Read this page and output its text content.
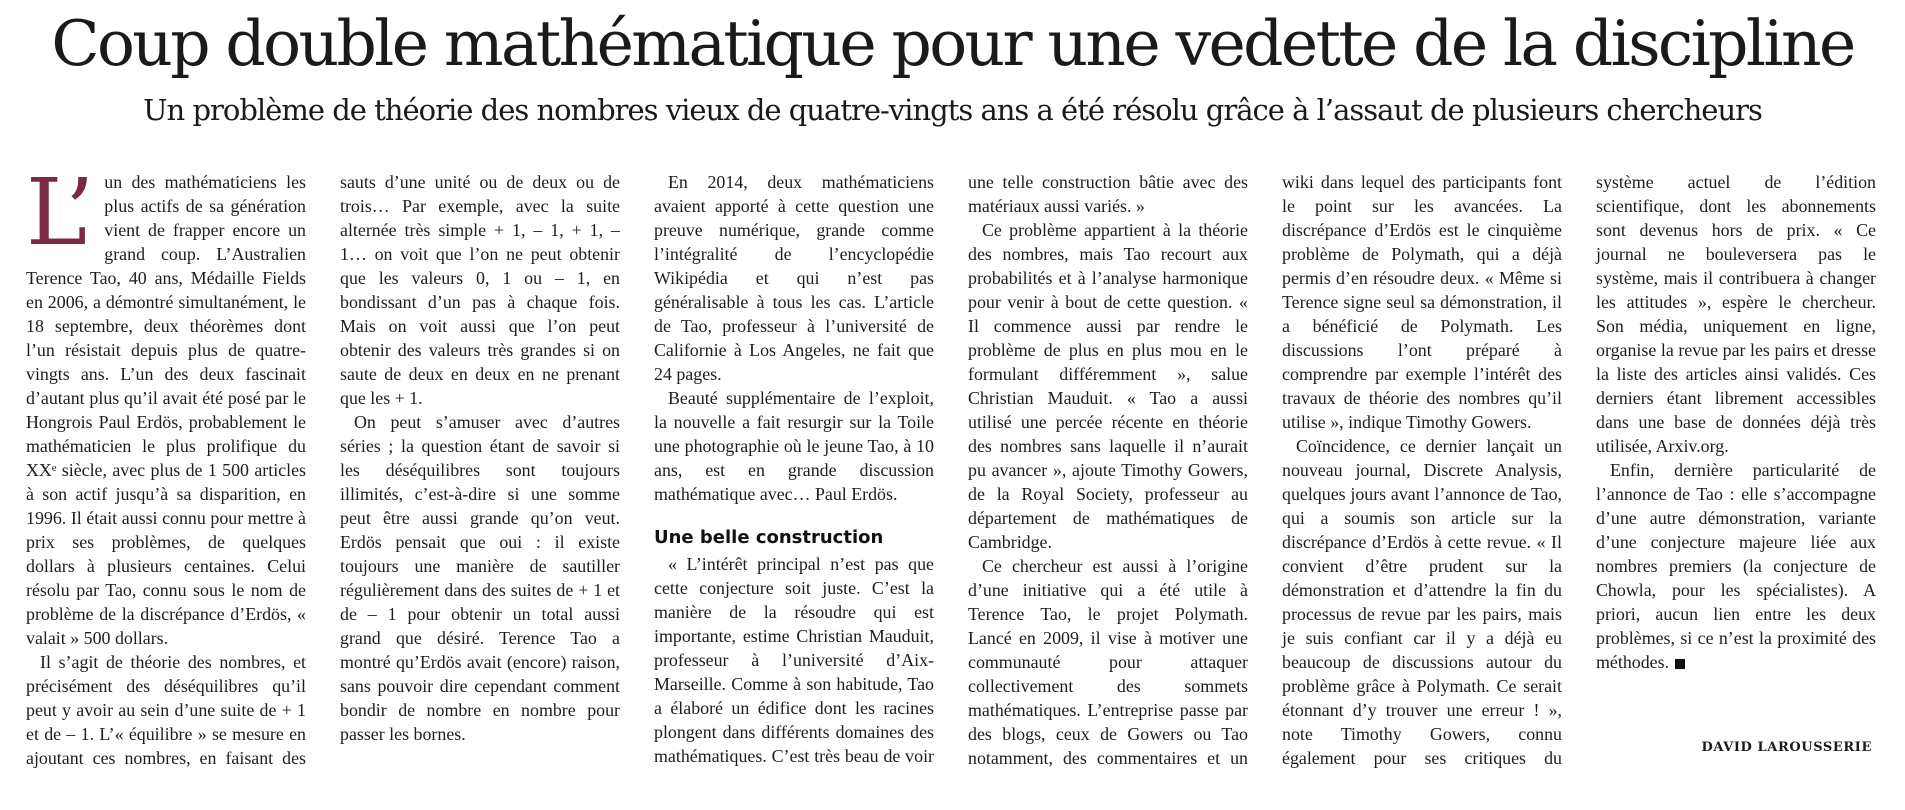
Coup double mathématique pour une vedette de la discipline
Un problème de théorie des nombres vieux de quatre-vingts ans a été résolu grâce à l’assaut de plusieurs chercheurs

L’ un des mathématiciens les plus actifs de sa génération vient de frapper encore un grand coup. L’Australien Terence Tao, 40 ans, Médaille Fields en 2006, a démontré simultanément, le 18 septembre, deux théorèmes dont l’un résistait depuis plus de quatre-vingts ans. L’un des deux fascinait d’autant plus qu’il avait été posé par le Hongrois Paul Erdös, probablement le mathématicien le plus prolifique du XXᵉ siècle, avec plus de 1 500 articles à son actif jusqu’à sa disparition, en 1996. Il était aussi connu pour mettre à prix ses problèmes, de quelques dollars à plusieurs centaines. Celui résolu par Tao, connu sous le nom de problème de la discrépance d’Erdös, « valait » 500 dollars.

Il s’agit de théorie des nombres, et précisément des déséquilibres qu’il peut y avoir au sein d’une suite de + 1 et de – 1. L’« équilibre » se mesure en ajoutant ces nombres, en faisant des sauts d’une unité ou de deux ou de trois… Par exemple, avec la suite alternée très simple + 1, – 1, + 1, – 1… on voit que l’on ne peut obtenir que les valeurs 0, 1 ou – 1, en bondissant d’un pas à chaque fois. Mais on voit aussi que l’on peut obtenir des valeurs très grandes si on saute de deux en deux en ne prenant que les + 1.

On peut s’amuser avec d’autres séries ; la question étant de savoir si les déséquilibres sont toujours illimités, c’est-à-dire si une somme peut être aussi grande qu’on veut. Erdös pensait que oui : il existe toujours une manière de sautiller régulièrement dans des suites de + 1 et de – 1 pour obtenir un total aussi grand que désiré. Terence Tao a montré qu’Erdös avait (encore) raison, sans pouvoir dire cependant comment bondir de nombre en nombre pour passer les bornes.

En 2014, deux mathématiciens avaient apporté à cette question une preuve numérique, grande comme l’intégralité de l’encyclopédie Wikipédia et qui n’est pas généralisable à tous les cas. L’article de Tao, professeur à l’université de Californie à Los Angeles, ne fait que 24 pages.

Beauté supplémentaire de l’exploit, la nouvelle a fait resurgir sur la Toile une photographie où le jeune Tao, à 10 ans, est en grande discussion mathématique avec… Paul Erdös.

Une belle construction

« L’intérêt principal n’est pas que cette conjecture soit juste. C’est la manière de la résoudre qui est importante, estime Christian Mauduit, professeur à l’université d’Aix-Marseille. Comme à son habitude, Tao a élaboré un édifice dont les racines plongent dans différents domaines des mathématiques. C’est très beau de voir une telle construction bâtie avec des matériaux aussi variés. »

Ce problème appartient à la théorie des nombres, mais Tao recourt aux probabilités et à l’analyse harmonique pour venir à bout de cette question. « Il commence aussi par rendre le problème de plus en plus mou en le formulant différemment », salue Christian Mauduit. « Tao a aussi utilisé une percée récente en théorie des nombres sans laquelle il n’aurait pu avancer », ajoute Timothy Gowers, de la Royal Society, professeur au département de mathématiques de Cambridge.

Ce chercheur est aussi à l’origine d’une initiative qui a été utile à Terence Tao, le projet Polymath. Lancé en 2009, il vise à motiver une communauté pour attaquer collectivement des sommets mathématiques. L’entreprise passe par des blogs, ceux de Gowers ou Tao notamment, des commentaires et un wiki dans lequel des participants font le point sur les avancées. La discrépance d’Erdös est le cinquième problème de Polymath, qui a déjà permis d’en résoudre deux. « Même si Terence signe seul sa démonstration, il a bénéficié de Polymath. Les discussions l’ont préparé à comprendre par exemple l’intérêt des travaux de théorie des nombres qu’il utilise », indique Timothy Gowers.

Coïncidence, ce dernier lançait un nouveau journal, Discrete Analysis, quelques jours avant l’annonce de Tao, qui a soumis son article sur la discrépance d’Erdös à cette revue. « Il convient d’être prudent sur la démonstration et d’attendre la fin du processus de revue par les pairs, mais je suis confiant car il y a déjà eu beaucoup de discussions autour du problème grâce à Polymath. Ce serait étonnant d’y trouver une erreur ! », note Timothy Gowers, connu également pour ses critiques du système actuel de l’édition scientifique, dont les abonnements sont devenus hors de prix. « Ce journal ne bouleversera pas le système, mais il contribuera à changer les attitudes », espère le chercheur. Son média, uniquement en ligne, organise la revue par les pairs et dresse la liste des articles ainsi validés. Ces derniers étant librement accessibles dans une base de données déjà très utilisée, Arxiv.org.

Enfin, dernière particularité de l’annonce de Tao : elle s’accompagne d’une autre démonstration, variante d’une conjecture majeure liée aux nombres premiers (la conjecture de Chowla, pour les spécialistes). A priori, aucun lien entre les deux problèmes, si ce n’est la proximité des méthodes.

DAVID LAROUSSERIE
